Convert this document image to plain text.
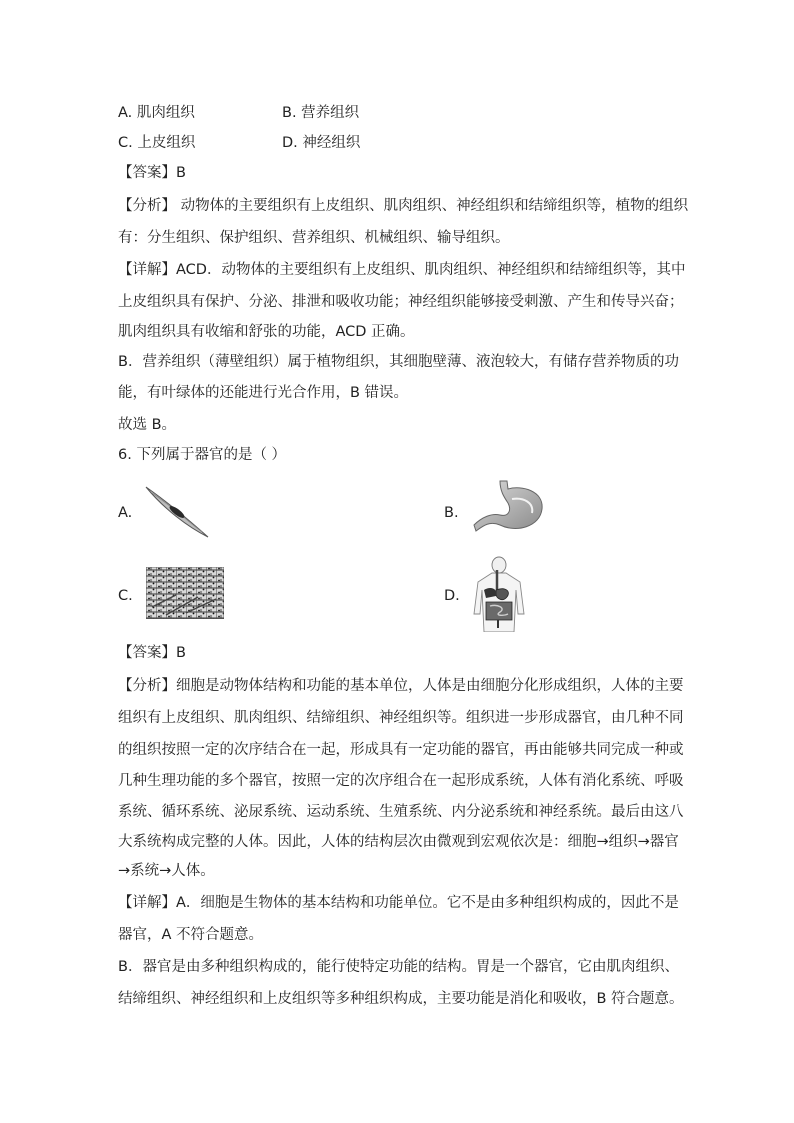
A. 肌肉组织	B. 营养组织
C. 上皮组织	D. 神经组织
【答案】B
【分析】 动物体的主要组织有上皮组织、肌肉组织、神经组织和结缔组织等，植物的组织
有：分生组织、保护组织、营养组织、机械组织、输导组织。
【详解】ACD．动物体的主要组织有上皮组织、肌肉组织、神经组织和结缔组织等，其中
上皮组织具有保护、分泌、排泄和吸收功能；神经组织能够接受刺激、产生和传导兴奋；
肌肉组织具有收缩和舒张的功能，ACD 正确。
B．营养组织（薄壁组织）属于植物组织，其细胞壁薄、液泡较大，有储存营养物质的功
能，有叶绿体的还能进行光合作用，B 错误。
故选 B。
6. 下列属于器官的是（ ）
A.	B.
C.	D.
【答案】B
【分析】细胞是动物体结构和功能的基本单位，人体是由细胞分化形成组织，人体的主要
组织有上皮组织、肌肉组织、结缔组织、神经组织等。组织进一步形成器官，由几种不同
的组织按照一定的次序结合在一起，形成具有一定功能的器官，再由能够共同完成一种或
几种生理功能的多个器官，按照一定的次序组合在一起形成系统，人体有消化系统、呼吸
系统、循环系统、泌尿系统、运动系统、生殖系统、内分泌系统和神经系统。最后由这八
大系统构成完整的人体。因此，人体的结构层次由微观到宏观依次是：细胞→组织→器官
→系统→人体。
【详解】A．细胞是生物体的基本结构和功能单位。它不是由多种组织构成的，因此不是
器官，A 不符合题意。
B．器官是由多种组织构成的，能行使特定功能的结构。胃是一个器官，它由肌肉组织、
结缔组织、神经组织和上皮组织等多种组织构成，主要功能是消化和吸收，B 符合题意。
